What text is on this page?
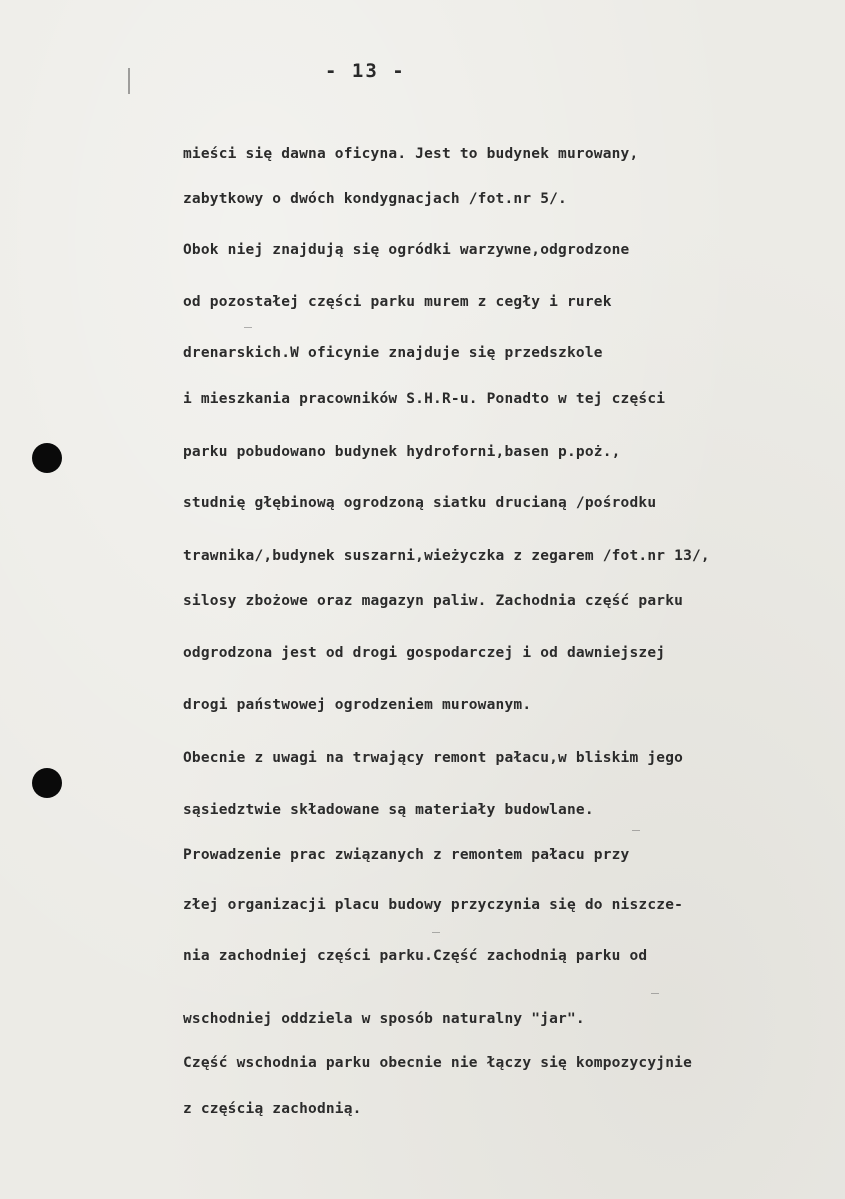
- 13 -
mieści się dawna oficyna. Jest to budynek murowany,
zabytkowy o dwóch kondygnacjach /fot.nr 5/.
Obok niej znajdują się ogródki warzywne,odgrodzone
od pozostałej części parku murem z cegły i rurek
drenarskich.W oficynie znajduje się przedszkole
i mieszkania pracowników S.H.R-u. Ponadto w tej części
parku pobudowano budynek hydroforni,basen p.poż.,
studnię głębinową ogrodzoną siatku drucianą /pośrodku
trawnika/,budynek suszarni,wieżyczka z zegarem /fot.nr 13/,
silosy zbożowe oraz magazyn paliw. Zachodnia część parku
odgrodzona jest od drogi gospodarczej i od dawniejszej
drogi państwowej ogrodzeniem murowanym.
Obecnie z uwagi na trwający remont pałacu,w bliskim jego
sąsiedztwie składowane są materiały budowlane.
Prowadzenie prac związanych z remontem pałacu przy
złej organizacji placu budowy przyczynia się do niszcze-
nia zachodniej części parku.Część zachodnią parku od
wschodniej oddziela w sposób naturalny "jar".
Część wschodnia parku obecnie nie łączy się kompozycyjnie
z częścią zachodnią.
